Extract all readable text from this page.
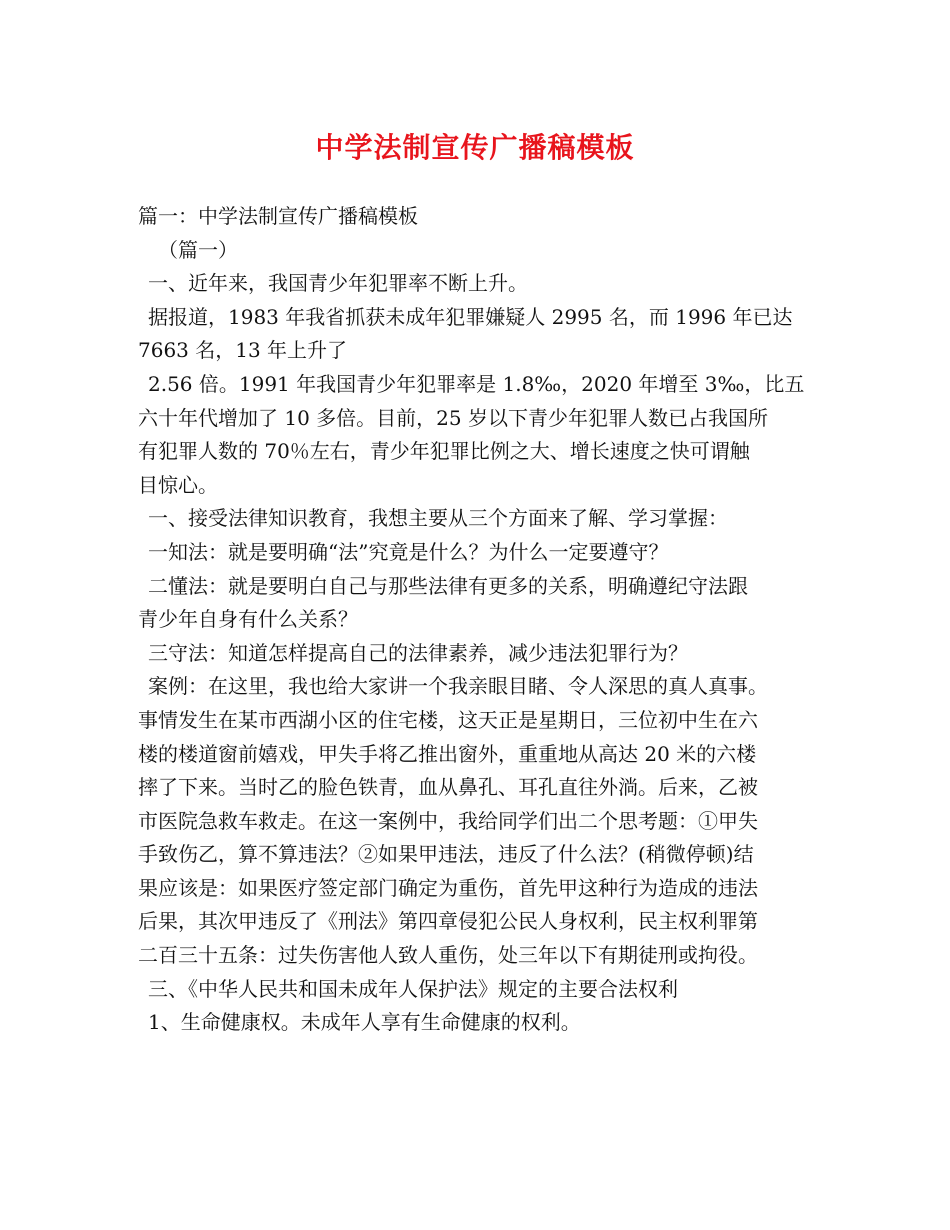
中学法制宣传广播稿模板
篇一：中学法制宣传广播稿模板
（篇一）
一、近年来，我国青少年犯罪率不断上升。
据报道，1983 年我省抓获未成年犯罪嫌疑人 2995 名，而 1996 年已达
7663 名，13 年上升了
2.56 倍。1991 年我国青少年犯罪率是 1.8‰，2020 年增至 3‰，比五
六十年代增加了 10 多倍。目前，25 岁以下青少年犯罪人数已占我国所
有犯罪人数的 70％左右，青少年犯罪比例之大、增长速度之快可谓触
目惊心。
一、接受法律知识教育，我想主要从三个方面来了解、学习掌握：
一知法：就是要明确“法”究竟是什么？为什么一定要遵守？
二懂法：就是要明白自己与那些法律有更多的关系，明确遵纪守法跟
青少年自身有什么关系？
三守法：知道怎样提高自己的法律素养，减少违法犯罪行为？
案例：在这里，我也给大家讲一个我亲眼目睹、令人深思的真人真事。
事情发生在某市西湖小区的住宅楼，这天正是星期日，三位初中生在六
楼的楼道窗前嬉戏，甲失手将乙推出窗外，重重地从高达 20 米的六楼
摔了下来。当时乙的脸色铁青，血从鼻孔、耳孔直往外淌。后来，乙被
市医院急救车救走。在这一案例中，我给同学们出二个思考题：①甲失
手致伤乙，算不算违法？②如果甲违法，违反了什么法？(稍微停顿)结
果应该是：如果医疗签定部门确定为重伤，首先甲这种行为造成的违法
后果，其次甲违反了《刑法》第四章侵犯公民人身权利，民主权利罪第
二百三十五条：过失伤害他人致人重伤，处三年以下有期徒刑或拘役。
三、《中华人民共和国未成年人保护法》规定的主要合法权利
1、生命健康权。未成年人享有生命健康的权利。
